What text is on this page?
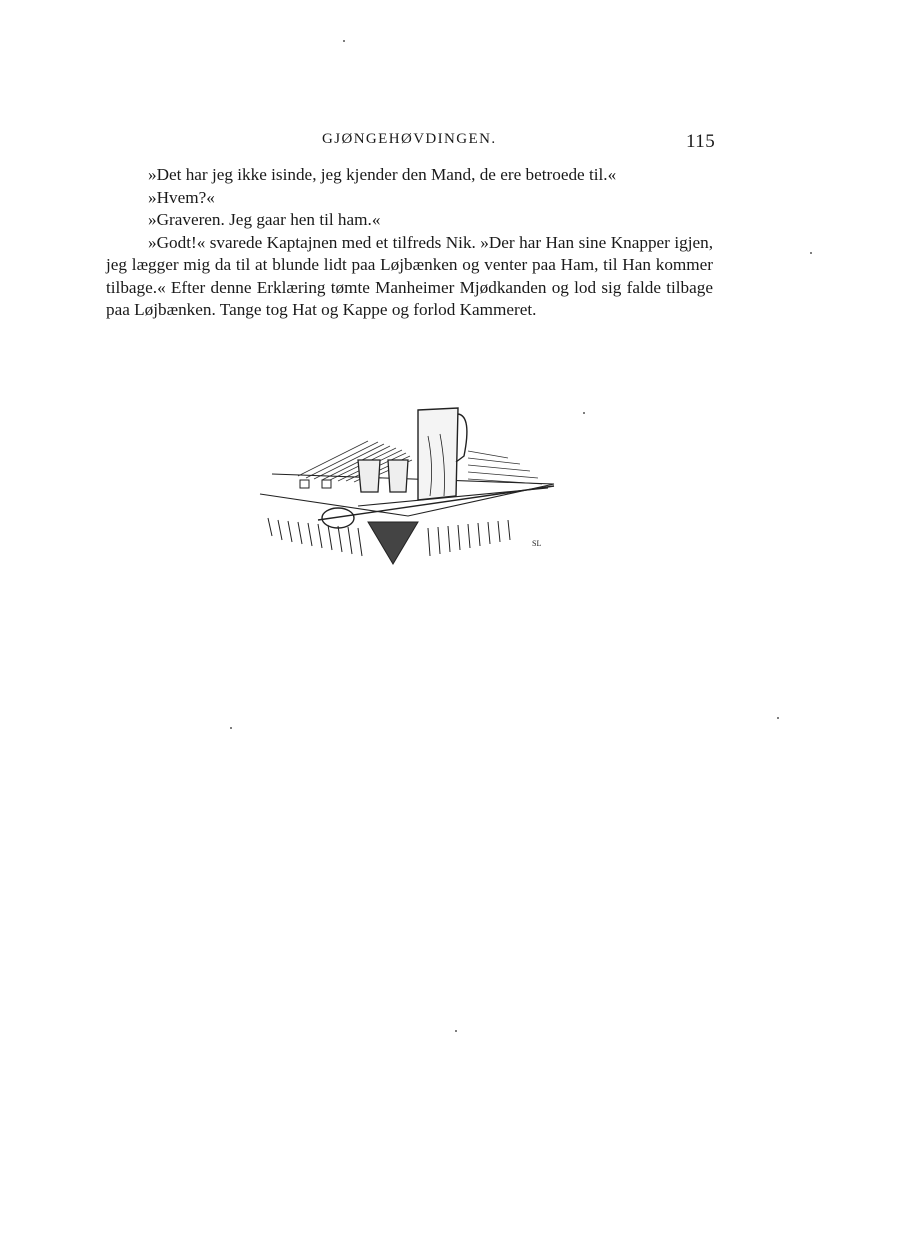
GJØNGEHØVDINGEN.	115

»Det har jeg ikke isinde, jeg kjender den Mand, de ere betroede til.«

»Hvem?«

»Graveren. Jeg gaar hen til ham.«

»Godt!« svarede Kaptajnen med et tilfreds Nik. »Der har Han sine Knapper igjen, jeg lægger mig da til at blunde lidt paa Løjbænken og venter paa Ham, til Han kommer tilbage.« Efter denne Erklæring tømte Manheimer Mjødkanden og lod sig falde tilbage paa Løjbænken. Tange tog Hat og Kappe og forlod Kammeret.

SL
